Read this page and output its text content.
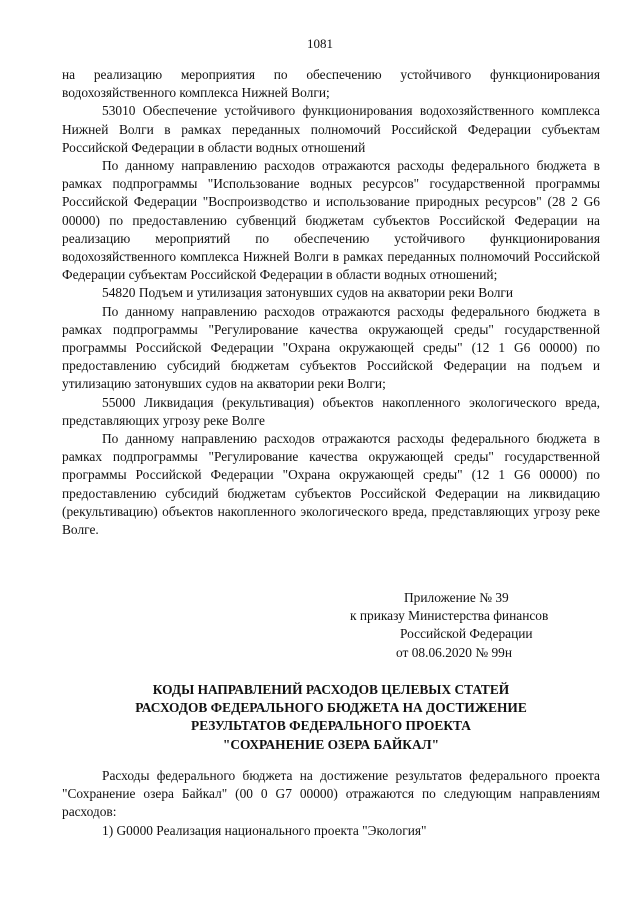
1081

на реализацию мероприятия по обеспечению устойчивого функционирования водохозяйственного комплекса Нижней Волги;

53010 Обеспечение устойчивого функционирования водохозяйственного комплекса Нижней Волги в рамках переданных полномочий Российской Федерации субъектам Российской Федерации в области водных отношений

По данному направлению расходов отражаются расходы федерального бюджета в рамках подпрограммы "Использование водных ресурсов" государственной программы Российской Федерации "Воспроизводство и использование природных ресурсов" (28 2 G6 00000) по предоставлению субвенций бюджетам субъектов Российской Федерации на реализацию мероприятий по обеспечению устойчивого функционирования водохозяйственного комплекса Нижней Волги в рамках переданных полномочий Российской Федерации субъектам Российской Федерации в области водных отношений;

54820 Подъем и утилизация затонувших судов на акватории реки Волги

По данному направлению расходов отражаются расходы федерального бюджета в рамках подпрограммы "Регулирование качества окружающей среды" государственной программы Российской Федерации "Охрана окружающей среды" (12 1 G6 00000) по предоставлению субсидий бюджетам субъектов Российской Федерации на подъем и утилизацию затонувших судов на акватории реки Волги;

55000 Ликвидация (рекультивация) объектов накопленного экологического вреда, представляющих угрозу реке Волге

По данному направлению расходов отражаются расходы федерального бюджета в рамках подпрограммы "Регулирование качества окружающей среды" государственной программы Российской Федерации "Охрана окружающей среды" (12 1 G6 00000) по предоставлению субсидий бюджетам субъектов Российской Федерации на ликвидацию (рекультивацию) объектов накопленного экологического вреда, представляющих угрозу реке Волге.

Приложение № 39
к приказу Министерства финансов
Российской Федерации
от 08.06.2020 № 99н
КОДЫ НАПРАВЛЕНИЙ РАСХОДОВ ЦЕЛЕВЫХ СТАТЕЙ
РАСХОДОВ ФЕДЕРАЛЬНОГО БЮДЖЕТА НА ДОСТИЖЕНИЕ
РЕЗУЛЬТАТОВ ФЕДЕРАЛЬНОГО ПРОЕКТА
"СОХРАНЕНИЕ ОЗЕРА БАЙКАЛ"

Расходы федерального бюджета на достижение результатов федерального проекта "Сохранение озера Байкал" (00 0 G7 00000) отражаются по следующим направлениям расходов:

1) G0000 Реализация национального проекта "Экология"
